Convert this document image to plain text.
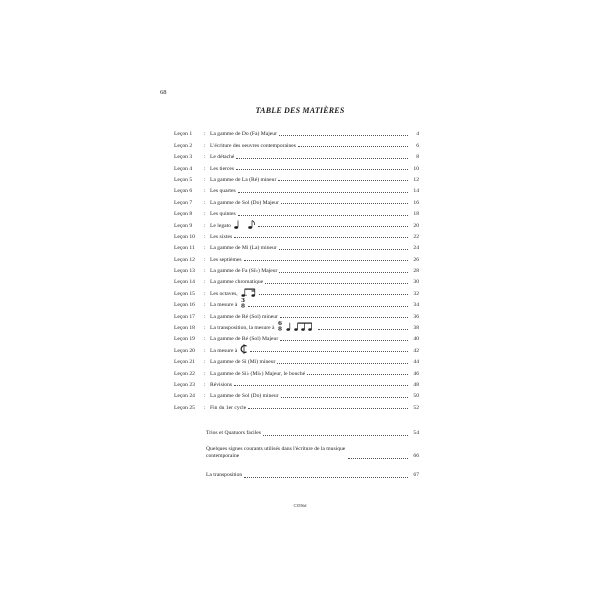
68
TABLE DES MATIÈRES
Leçon 1	: La gamme de Do (Fa) Majeur	4
Leçon 2	: L'écriture des oeuvres contemporaines	6
Leçon 3	: Le détaché	8
Leçon 4	: Les tierces	10
Leçon 5	: La gamme de La (Ré) mineur	12
Leçon 6	: Les quartes	14
Leçon 7	: La gamme de Sol (Do) Majeur	16
Leçon 8	: Les quintes	18
Leçon 9	: Le legato	20
Leçon 10	: Les sixtes	22
Leçon 11	: La gamme de Mi (La) mineur	24
Leçon 12	: Les septièmes	26
Leçon 13	: La gamme de Fa (Si♭) Majeur	28
Leçon 14	: La gamme chromatique	30
Leçon 15	: Les octaves,	32
Leçon 16	: La mesure à
3
8	34
Leçon 17	: La gamme de Ré (Sol) mineur	36
Leçon 18	: La transposition, la mesure à
6
8	38
Leçon 19	: La gamme de Ré (Sol) Majeur	40
Leçon 20	: La mesure à	42
Leçon 21	: La gamme de Si (Mi) mineur	44
Leçon 22	: La gamme de Si♭ (Mi♭) Majeur, le bouché	46
Leçon 23	: Révisions	48
Leçon 24	: La gamme de Sol (Do) mineur	50
Leçon 25	: Fin du 1er cycle	52
Trios et Quatuors faciles	54
Quelques signes courants utilisés dans l'écriture de la musique contemporaine	66
La transposition	67
C3556d
